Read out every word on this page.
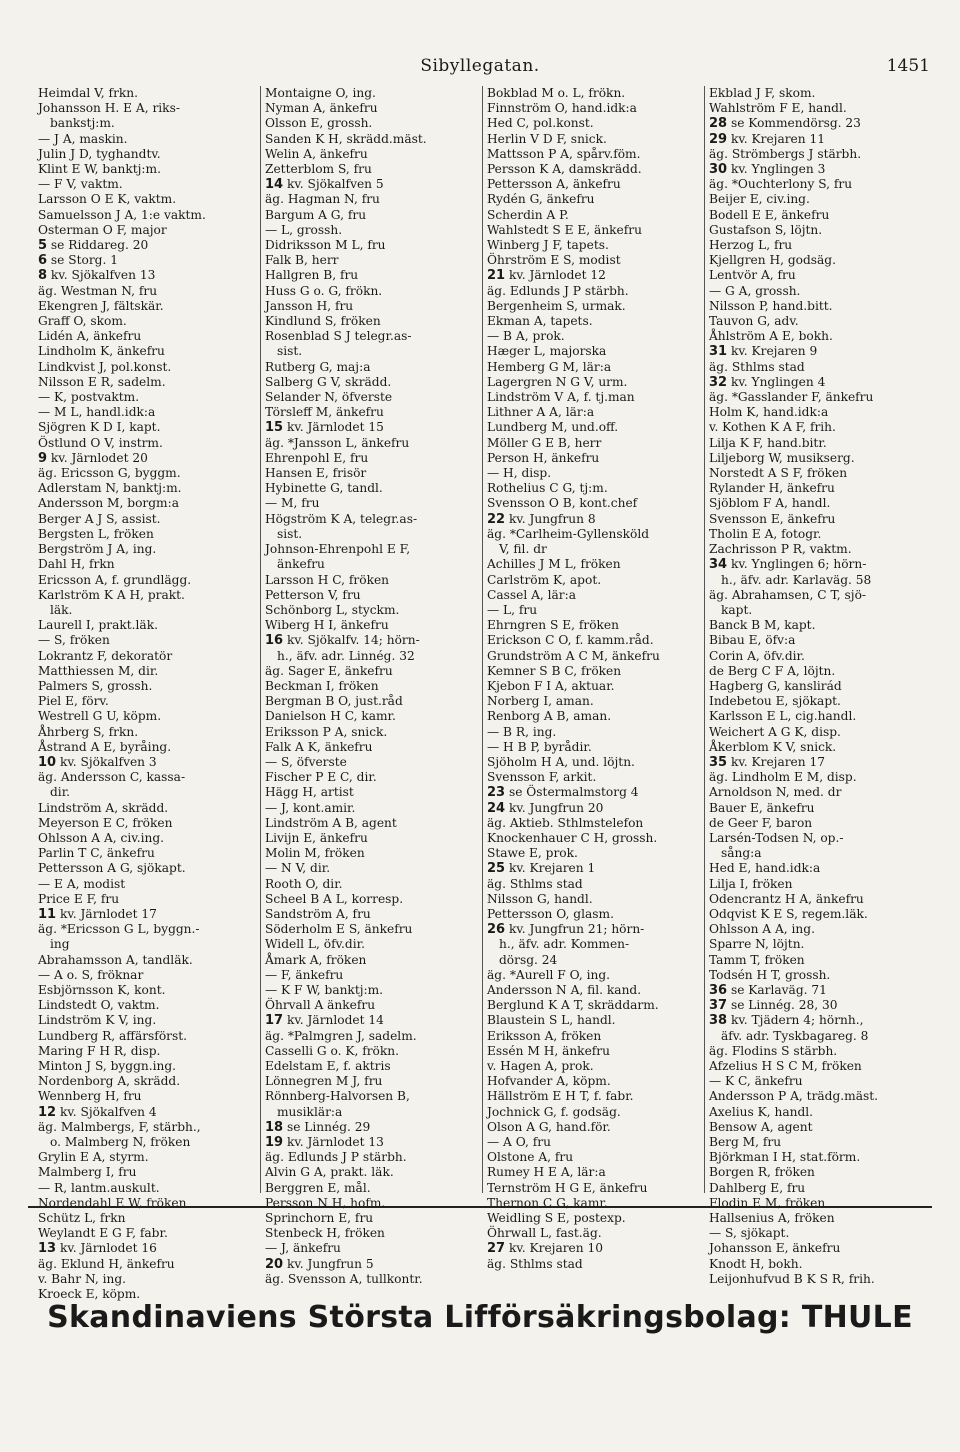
Sibyllegatan.	1451
Heimdal V, frkn.
Johansson H. E A, riks-
bankstj:m.
— J A, maskin.
Julin J D, tyghandtv.
Klint E W, banktj:m.
— F V, vaktm.
Larsson O E K, vaktm.
Samuelsson J A, 1:e vaktm.
Osterman O F, major
5 se Riddareg. 20
6 se Storg. 1
8 kv. Sjökalfven 13
äg. Westman N, fru
Ekengren J, fältskär.
Graff O, skom.
Lidén A, änkefru
Lindholm K, änkefru
Lindkvist J, pol.konst.
Nilsson E R, sadelm.
— K, postvaktm.
— M L, handl.idk:a
Sjögren K D I, kapt.
Östlund O V, instrm.
9 kv. Järnlodet 20
äg. Ericsson G, byggm.
Adlerstam N, banktj:m.
Andersson M, borgm:a
Berger A J S, assist.
Bergsten L, fröken
Bergström J A, ing.
Dahl H, frkn
Ericsson A, f. grundlägg.
Karlström K A H, prakt.
läk.
Laurell I, prakt.läk.
— S, fröken
Lokrantz F, dekoratör
Matthiessen M, dir.
Palmers S, grossh.
Piel E, förv.
Westrell G U, köpm.
Åhrberg S, frkn.
Åstrand A E, byråing.
10 kv. Sjökalfven 3
äg. Andersson C, kassa-
dir.
Lindström A, skrädd.
Meyerson E C, fröken
Ohlsson A A, civ.ing.
Parlin T C, änkefru
Pettersson A G, sjökapt.
— E A, modist
Price E F, fru
11 kv. Järnlodet 17
äg. *Ericsson G L, byggn.-
ing
Abrahamsson A, tandläk.
— A o. S, fröknar
Esbjörnsson K, kont.
Lindstedt O, vaktm.
Lindström K V, ing.
Lundberg R, affärsförst.
Maring F H R, disp.
Minton J S, byggn.ing.
Nordenborg A, skrädd.
Wennberg H, fru
12 kv. Sjökalfven 4
äg. Malmbergs, F, stärbh.,
o. Malmberg N, fröken
Grylin E A, styrm.
Malmberg I, fru
— R, lantm.auskult.
Nordendahl E W, fröken
Schütz L, frkn
Weylandt E G F, fabr.
13 kv. Järnlodet 16
äg. Eklund H, änkefru
v. Bahr N, ing.
Kroeck E, köpm.
Montaigne O, ing.
Nyman A, änkefru
Olsson E, grossh.
Sanden K H, skrädd.mäst.
Welin A, änkefru
Zetterblom S, fru
14 kv. Sjökalfven 5
äg. Hagman N, fru
Bargum A G, fru
— L, grossh.
Didriksson M L, fru
Falk B, herr
Hallgren B, fru
Huss G o. G, frökn.
Jansson H, fru
Kindlund S, fröken
Rosenblad S J telegr.as-
sist.
Rutberg G, maj:a
Salberg G V, skrädd.
Selander N, öfverste
Törsleff M, änkefru
15 kv. Järnlodet 15
äg. *Jansson L, änkefru
Ehrenpohl E, fru
Hansen E, frisör
Hybinette G, tandl.
— M, fru
Högström K A, telegr.as-
sist.
Johnson-Ehrenpohl E F,
änkefru
Larsson H C, fröken
Petterson V, fru
Schönborg L, styckm.
Wiberg H I, änkefru
16 kv. Sjökalfv. 14; hörn-
h., äfv. adr. Linnég. 32
äg. Sager E, änkefru
Beckman I, fröken
Bergman B O, just.råd
Danielson H C, kamr.
Eriksson P A, snick.
Falk A K, änkefru
— S, öfverste
Fischer P E C, dir.
Hägg H, artist
— J, kont.amir.
Lindström A B, agent
Livijn E, änkefru
Molin M, fröken
— N V, dir.
Rooth O, dir.
Scheel B A L, korresp.
Sandström A, fru
Söderholm E S, änkefru
Widell L, öfv.dir.
Åmark A, fröken
— F, änkefru
— K F W, banktj:m.
Öhrvall A änkefru
17 kv. Järnlodet 14
äg. *Palmgren J, sadelm.
Casselli G o. K, frökn.
Edelstam E, f. aktris
Lönnegren M J, fru
Rönnberg-Halvorsen B,
musiklär:a
18 se Linnég. 29
19 kv. Järnlodet 13
äg. Edlunds J P stärbh.
Alvin G A, prakt. läk.
Berggren E, mål.
Persson N H, hofm.
Sprinchorn E, fru
Stenbeck H, fröken
— J, änkefru
20 kv. Jungfrun 5
äg. Svensson A, tullkontr.
Bokblad M o. L, frökn.
Finnström O, hand.idk:a
Hed C, pol.konst.
Herlin V D F, snick.
Mattsson P A, spårv.föm.
Persson K A, damskrädd.
Pettersson A, änkefru
Rydén G, änkefru
Scherdin A P.
Wahlstedt S E E, änkefru
Winberg J F, tapets.
Öhrström E S, modist
21 kv. Järnlodet 12
äg. Edlunds J P stärbh.
Bergenheim S, urmak.
Ekman A, tapets.
— B A, prok.
Hæger L, majorska
Hemberg G M, lär:a
Lagergren N G V, urm.
Lindström V A, f. tj.man
Lithner A A, lär:a
Lundberg M, und.off.
Möller G E B, herr
Person H, änkefru
— H, disp.
Rothelius C G, tj:m.
Svensson O B, kont.chef
22 kv. Jungfrun 8
äg. *Carlheim-Gyllensköld
V, fil. dr
Achilles J M L, fröken
Carlström K, apot.
Cassel A, lär:a
— L, fru
Ehrngren S E, fröken
Erickson C O, f. kamm.råd.
Grundström A C M, änkefru
Kemner S B C, fröken
Kjebon F I A, aktuar.
Norberg I, aman.
Renborg A B, aman.
— B R, ing.
— H B P, byrådir.
Sjöholm H A, und. löjtn.
Svensson F, arkit.
23 se Östermalmstorg 4
24 kv. Jungfrun 20
äg. Aktieb. Sthlmstelefon
Knockenhauer C H, grossh.
Stawe E, prok.
25 kv. Krejaren 1
äg. Sthlms stad
Nilsson G, handl.
Pettersson O, glasm.
26 kv. Jungfrun 21; hörn-
h., äfv. adr. Kommen-
dörsg. 24
äg. *Aurell F O, ing.
Andersson N A, fil. kand.
Berglund K A T, skräddarm.
Blaustein S L, handl.
Eriksson A, fröken
Essén M H, änkefru
v. Hagen A, prok.
Hofvander A, köpm.
Hällström E H T, f. fabr.
Jochnick G, f. godsäg.
Olson A G, hand.för.
— A O, fru
Olstone A, fru
Rumey H E A, lär:a
Ternström H G E, änkefru
Thernon C G, kamr.
Weidling S E, postexp.
Öhrwall L, fast.äg.
27 kv. Krejaren 10
äg. Sthlms stad
Ekblad J F, skom.
Wahlström F E, handl.
28 se Kommendörsg. 23
29 kv. Krejaren 11
äg. Strömbergs J stärbh.
30 kv. Ynglingen 3
äg. *Ouchterlony S, fru
Beijer E, civ.ing.
Bodell E E, änkefru
Gustafson S, löjtn.
Herzog L, fru
Kjellgren H, godsäg.
Lentvör A, fru
— G A, grossh.
Nilsson P, hand.bitt.
Tauvon G, adv.
Åhlström A E, bokh.
31 kv. Krejaren 9
äg. Sthlms stad
32 kv. Ynglingen 4
äg. *Gasslander F, änkefru
Holm K, hand.idk:a
v. Kothen K A F, frih.
Lilja K F, hand.bitr.
Liljeborg W, musikserg.
Norstedt A S F, fröken
Rylander H, änkefru
Sjöblom F A, handl.
Svensson E, änkefru
Tholin E A, fotogr.
Zachrisson P R, vaktm.
34 kv. Ynglingen 6; hörn-
h., äfv. adr. Karlaväg. 58
äg. Abrahamsen, C T, sjö-
kapt.
Banck B M, kapt.
Bibau E, öfv:a
Corin A, öfv.dir.
de Berg C F A, löjtn.
Hagberg G, kanslirád
Indebetou E, sjökapt.
Karlsson E L, cig.handl.
Weichert A G K, disp.
Åkerblom K V, snick.
35 kv. Krejaren 17
äg. Lindholm E M, disp.
Arnoldson N, med. dr
Bauer E, änkefru
de Geer F, baron
Larsén-Todsen N, op.-
sång:a
Hed E, hand.idk:a
Lilja I, fröken
Odencrantz H A, änkefru
Odqvist K E S, regem.läk.
Ohlsson A A, ing.
Sparre N, löjtn.
Tamm T, fröken
Todsén H T, grossh.
36 se Karlaväg. 71
37 se Linnég. 28, 30
38 kv. Tjädern 4; hörnh.,
äfv. adr. Tyskbagareg. 8
äg. Flodins S stärbh.
Afzelius H S C M, fröken
— K C, änkefru
Andersson P A, trädg.mäst.
Axelius K, handl.
Bensow A, agent
Berg M, fru
Björkman I H, stat.förm.
Borgen R, fröken
Dahlberg E, fru
Flodin E M, fröken
Hallsenius A, fröken
— S, sjökapt.
Johansson E, änkefru
Knodt H, bokh.
Leijonhufvud B K S R, frih.
Skandinaviens Största Lifförsäkringsbolag: THULE
